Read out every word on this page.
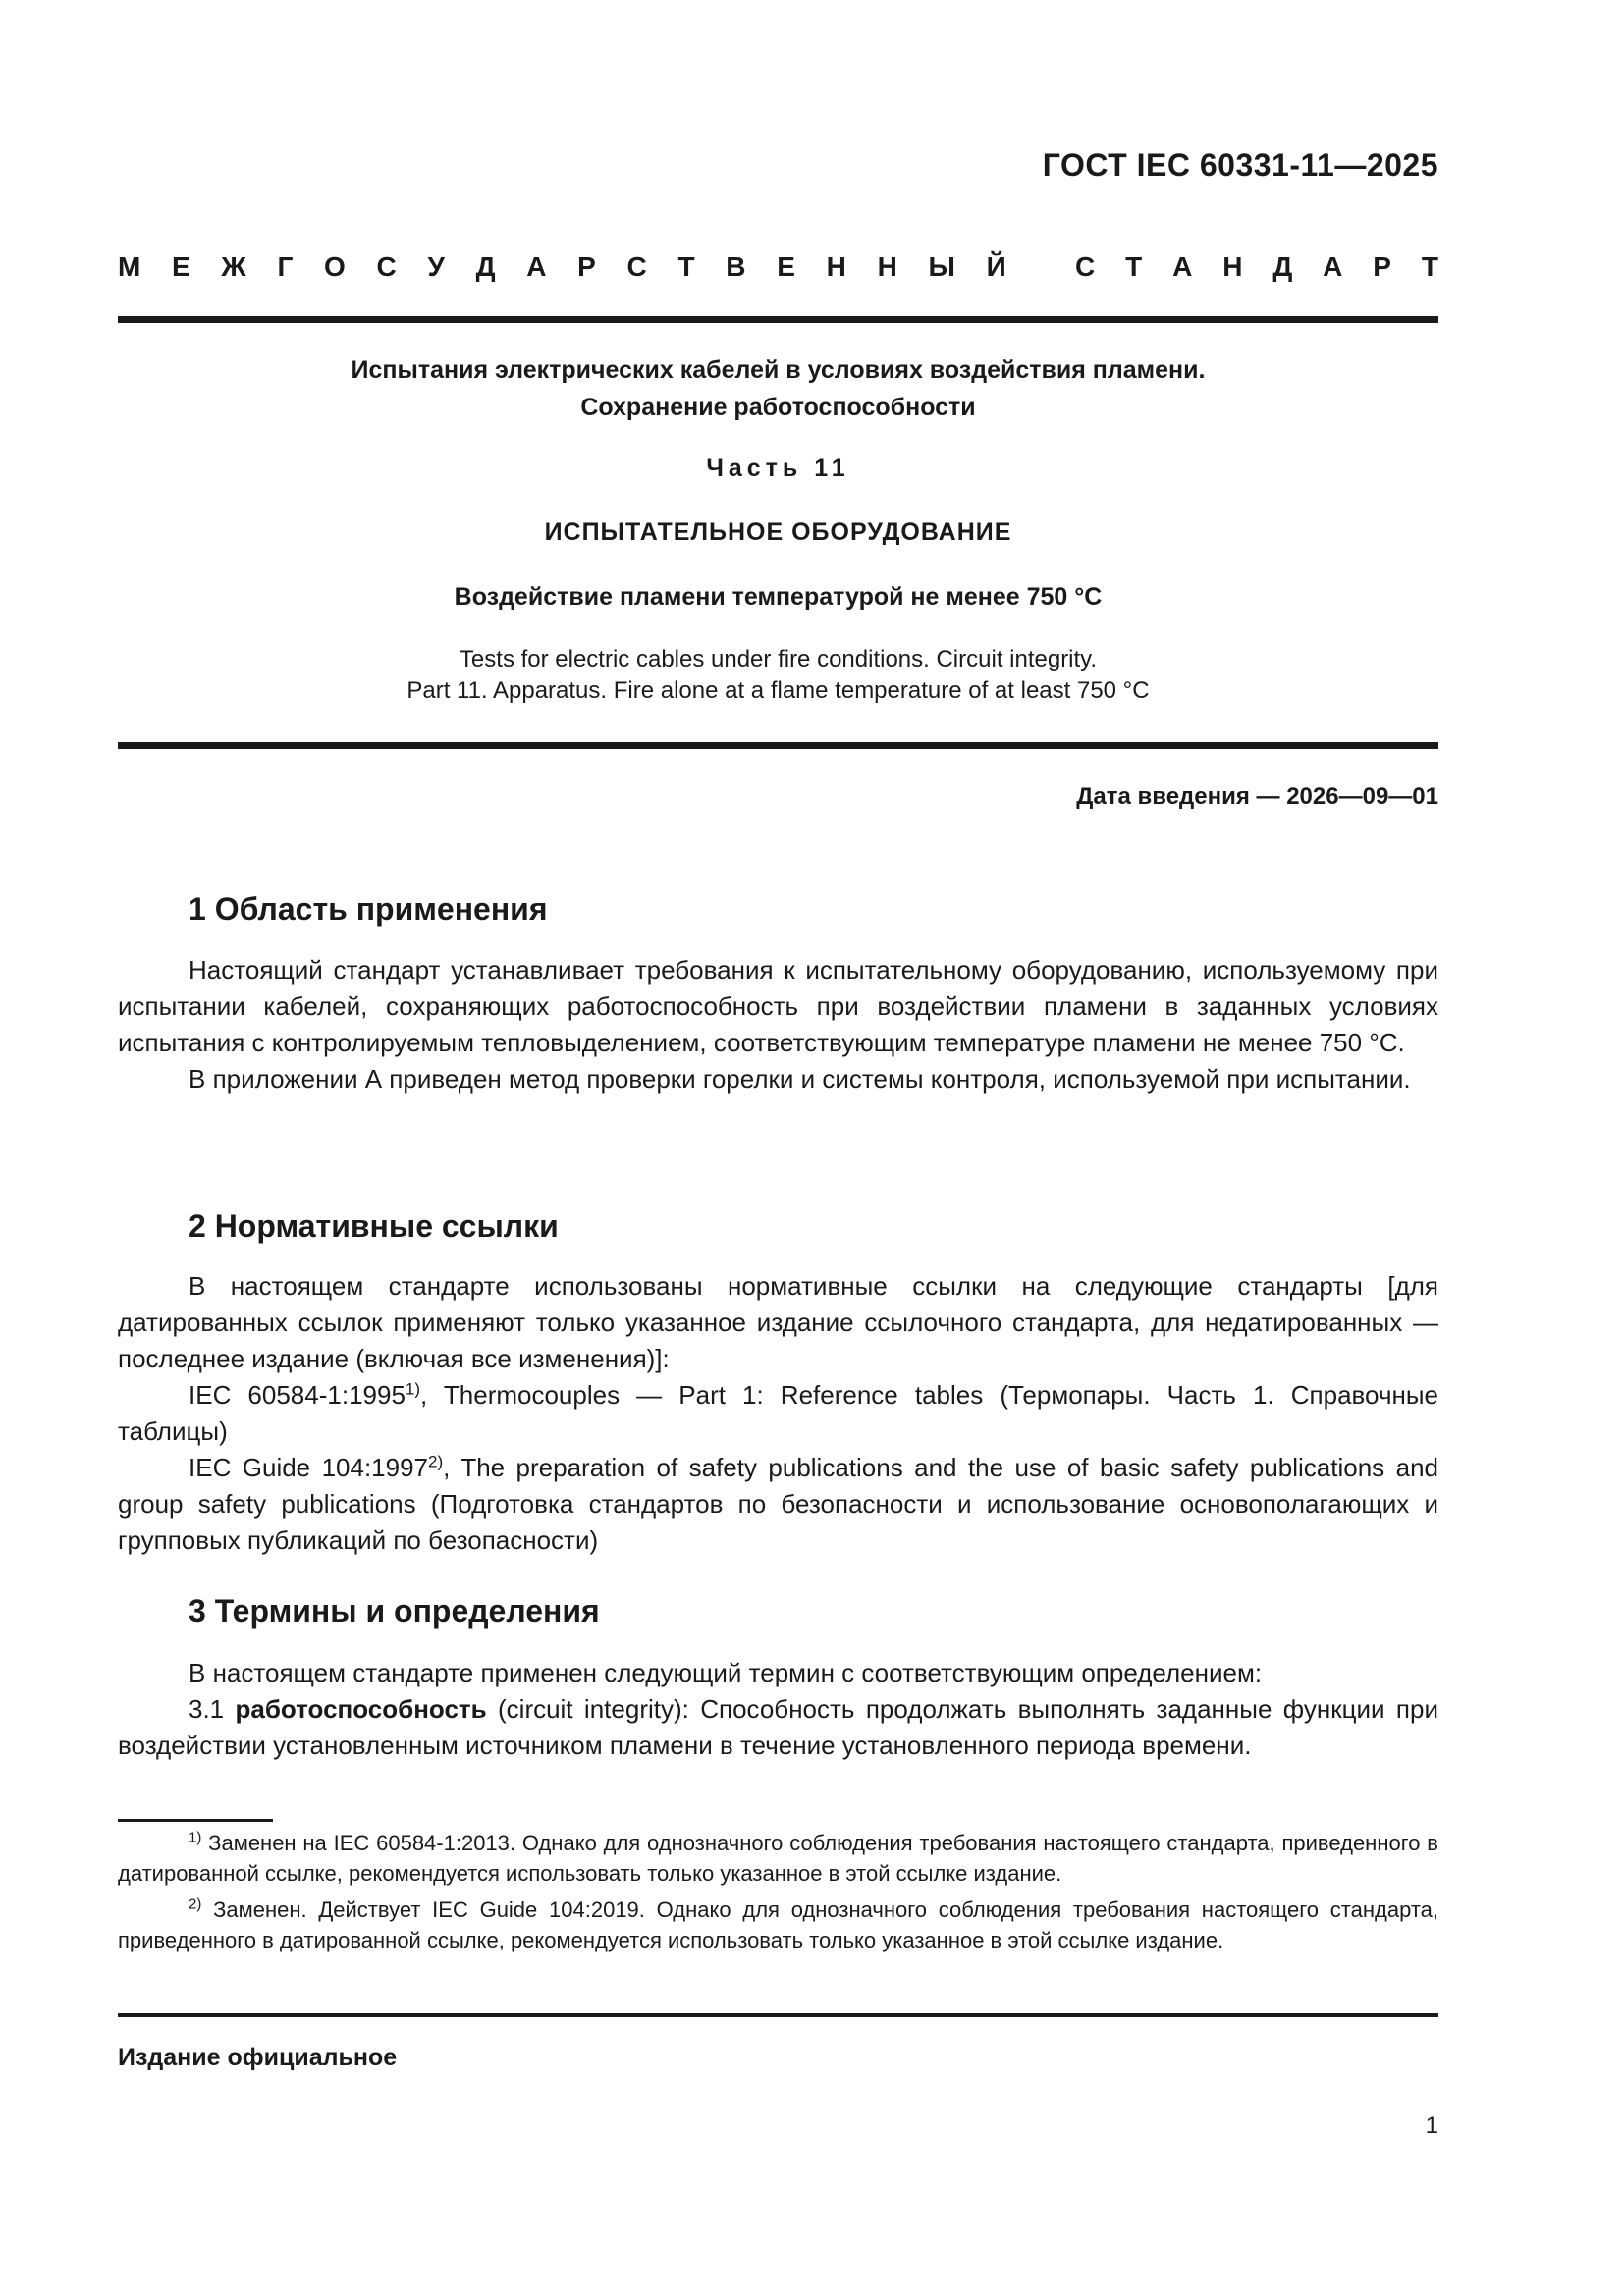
ГОСТ IEC 60331-11—2025
М Е Ж Г О С У Д А Р С Т В Е Н Н Ы Й	С Т А Н Д А Р Т
Испытания электрических кабелей в условиях воздействия пламени.
Сохранение работоспособности
Часть 11
ИСПЫТАТЕЛЬНОЕ ОБОРУДОВАНИЕ
Воздействие пламени температурой не менее 750 °С
Tests for electric cables under fire conditions. Circuit integrity.
Part 11. Apparatus. Fire alone at a flame temperature of at least 750 °C
Дата введения — 2026—09—01
1 Область применения

Настоящий стандарт устанавливает требования к испытательному оборудованию, используемому при испытании кабелей, сохраняющих работоспособность при воздействии пламени в заданных условиях испытания с контролируемым тепловыделением, соответствующим температуре пламени не менее 750 °С.

В приложении А приведен метод проверки горелки и системы контроля, используемой при испытании.

2 Нормативные ссылки

В настоящем стандарте использованы нормативные ссылки на следующие стандарты [для датированных ссылок применяют только указанное издание ссылочного стандарта, для недатированных — последнее издание (включая все изменения)]:

IEC 60584-1:1995$^{1)}$, Thermocouples — Part 1: Reference tables (Термопары. Часть 1. Справочные таблицы)

IEC Guide 104:1997$^{2)}$, The preparation of safety publications and the use of basic safety publications and group safety publications (Подготовка стандартов по безопасности и использование основополагающих и групповых публикаций по безопасности)

3 Термины и определения

В настоящем стандарте применен следующий термин с соответствующим определением:

3.1 работоспособность (circuit integrity): Способность продолжать выполнять заданные функции при воздействии установленным источником пламени в течение установленного периода времени.

$^{1)}$ Заменен на IEC 60584-1:2013. Однако для однозначного соблюдения требования настоящего стандарта, приведенного в датированной ссылке, рекомендуется использовать только указанное в этой ссылке издание.

$^{2)}$ Заменен. Действует IEC Guide 104:2019. Однако для однозначного соблюдения требования настоящего стандарта, приведенного в датированной ссылке, рекомендуется использовать только указанное в этой ссылке издание.

Издание официальное
1
